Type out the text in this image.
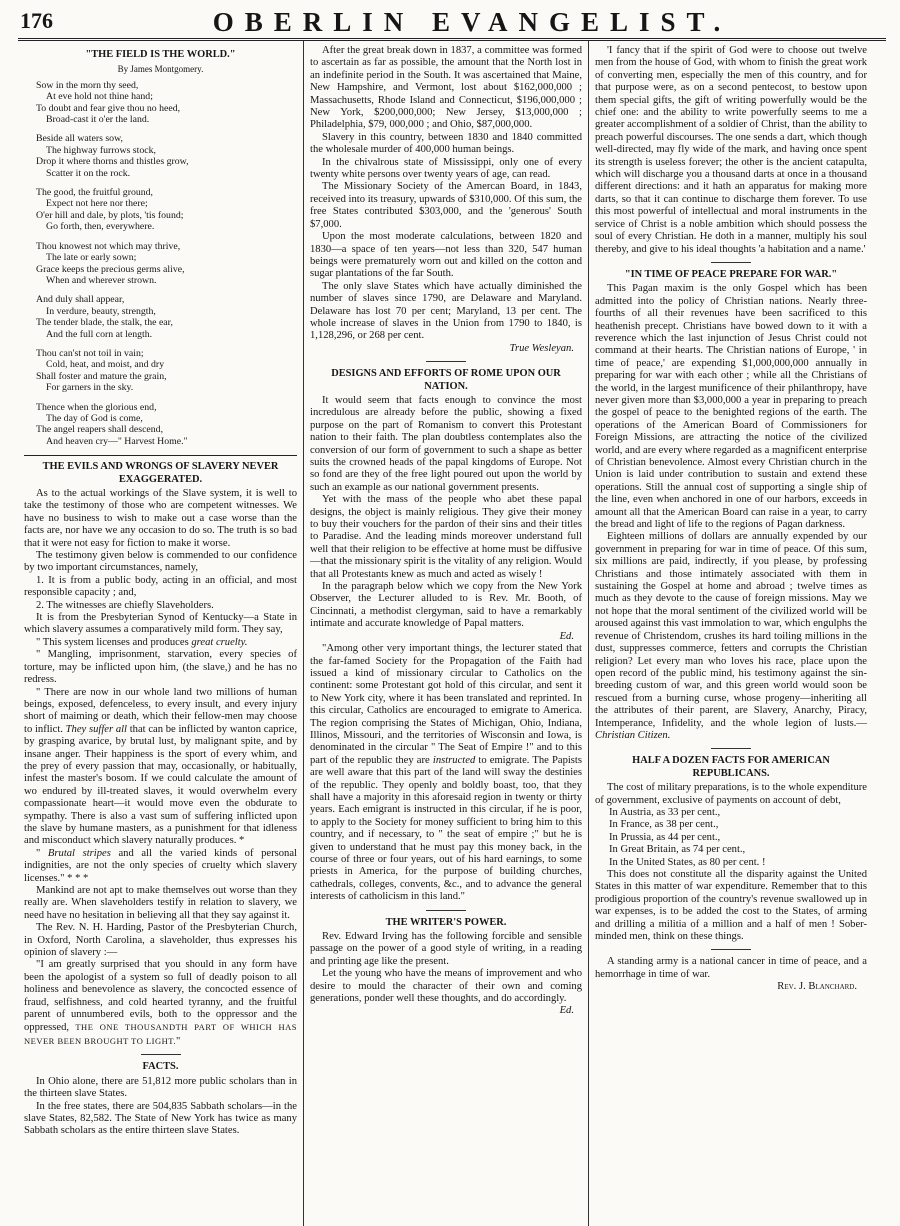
176	OBERLIN EVANGELIST.
"THE FIELD IS THE WORLD."
By James Montgomery.
Sow in the morn thy seed,
At eve hold not thine hand;
To doubt and fear give thou no heed,
Broad-cast it o'er the land.
Beside all waters sow,
The highway furrows stock,
Drop it where thorns and thistles grow,
Scatter it on the rock.
The good, the fruitful ground,
Expect not here nor there;
O'er hill and dale, by plots, 'tis found;
Go forth, then, everywhere.
Thou knowest not which may thrive,
The late or early sown;
Grace keeps the precious germs alive,
When and wherever strown.
And duly shall appear,
In verdure, beauty, strength,
The tender blade, the stalk, the ear,
And the full corn at length.
Thou can'st not toil in vain;
Cold, heat, and moist, and dry
Shall foster and mature the grain,
For garners in the sky.
Thence when the glorious end,
The day of God is come,
The angel reapers shall descend,
And heaven cry—" Harvest Home."
THE EVILS AND WRONGS OF SLAVERY NEVER EXAGGERATED.

As to the actual workings of the Slave system, it is well to take the testimony of those who are competent witnesses. We have no business to wish to make out a case worse than the facts are, nor have we any occasion to do so. The truth is so bad that it were not easy for fiction to make it worse.

The testimony given below is commended to our confidence by two important circumstances, namely,

1. It is from a public body, acting in an official, and most responsible capacity ; and,

2. The witnesses are chiefly Slaveholders.

It is from the Presbyterian Synod of Kentucky—a State in which slavery assumes a comparatively mild form. They say,

" This system licenses and produces great cruelty.

" Mangling, imprisonment, starvation, every species of torture, may be inflicted upon him, (the slave,) and he has no redress.

" There are now in our whole land two millions of human beings, exposed, defenceless, to every insult, and every injury short of maiming or death, which their fellow-men may choose to inflict. They suffer all that can be inflicted by wanton caprice, by grasping avarice, by brutal lust, by malignant spite, and by insane anger. Their happiness is the sport of every whim, and the prey of every passion that may, occasionally, or habitually, infest the master's bosom. If we could calculate the amount of wo endured by ill-treated slaves, it would overwhelm every compassionate heart—it would move even the obdurate to sympathy. There is also a vast sum of suffering inflicted upon the slave by humane masters, as a punishment for that idleness and misconduct which slavery naturally produces. *

" Brutal stripes and all the varied kinds of personal indignities, are not the only species of cruelty which slavery licenses." * * *

Mankind are not apt to make themselves out worse than they really are. When slaveholders testify in relation to slavery, we need have no hesitation in believing all that they say against it.

The Rev. N. H. Harding, Pastor of the Presbyterian Church, in Oxford, North Carolina, a slaveholder, thus expresses his opinion of slavery :—

"I am greatly surprised that you should in any form have been the apologist of a system so full of deadly poison to all holiness and benevolence as slavery, the concocted essence of fraud, selfishness, and cold hearted tyranny, and the fruitful parent of unnumbered evils, both to the oppressor and the oppressed, THE ONE THOUSANDTH PART OF WHICH HAS NEVER BEEN BROUGHT TO LIGHT."

FACTS.

In Ohio alone, there are 51,812 more public scholars than in the thirteen slave States.

In the free states, there are 504,835 Sabbath scholars—in the slave States, 82,582. The State of New York has twice as many Sabbath scholars as the entire thirteen slave States.

After the great break down in 1837, a committee was formed to ascertain as far as possible, the amount that the North lost in an indefinite period in the South. It was ascertained that Maine, New Hampshire, and Vermont, lost about $162,000,000 ; Massachusetts, Rhode Island and Connecticut, $196,000,000 ; New York, $200,000,000; New Jersey, $13,000,000 ; Philadelphia, $79, 000,000 ; and Ohio, $87,000,000.

Slavery in this country, between 1830 and 1840 committed the wholesale murder of 400,000 human beings.

In the chivalrous state of Mississippi, only one of every twenty white persons over twenty years of age, can read.

The Missionary Society of the Amercan Board, in 1843, received into its treasury, upwards of $310,000. Of this sum, the free States contributed $303,000, and the 'generous' South $7,000.

Upon the most moderate calculations, between 1820 and 1830—a space of ten years—not less than 320, 547 human beings were prematurely worn out and killed on the cotton and sugar plantations of the far South.

The only slave States which have actually diminished the number of slaves since 1790, are Delaware and Maryland. Delaware has lost 70 per cent; Maryland, 13 per cent. The whole increase of slaves in the Union from 1790 to 1840, is 1,128,296, or 268 per cent.

True Wesleyan.
DESIGNS AND EFFORTS OF ROME UPON OUR NATION.

It would seem that facts enough to convince the most incredulous are already before the public, showing a fixed purpose on the part of Romanism to convert this Protestant nation to their faith. The plan doubtless contemplates also the conversion of our form of government to such a shape as better suits the crowned heads of the papal kingdoms of Europe. Not so fond are they of the free light poured out upon the world by such an example as our national government presents.

Yet with the mass of the people who abet these papal designs, the object is mainly religious. They give their money to buy their vouchers for the pardon of their sins and their titles to Paradise. And the leading minds moreover understand full well that their religion to be effective at home must be diffusive—that the missionary spirit is the vitality of any religion. Would that all Protestants knew as much and acted as wisely !

In the paragraph below which we copy from the New York Observer, the Lecturer alluded to is Rev. Mr. Booth, of Cincinnati, a methodist clergyman, said to have a remarkably intimate and accurate knowledge of Papal matters.

Ed.

"Among other very important things, the lecturer stated that the far-famed Society for the Propagation of the Faith had issued a kind of missionary circular to Catholics on the continent: some Protestant got hold of this circular, and sent it to New York city, where it has been translated and reprinted. In this circular, Catholics are encouraged to emigrate to America. The region comprising the States of Michigan, Ohio, Indiana, Illinos, Missouri, and the territories of Wisconsin and Iowa, is denominated in the circular " The Seat of Empire !" and to this part of the republic they are instructed to emigrate. The Papists are well aware that this part of the land will sway the destinies of the republic. They openly and boldly boast, too, that they shall have a majority in this aforesaid region in twenty or thirty years. Each emigrant is instructed in this circular, if he is poor, to apply to the Society for money sufficient to bring him to this country, and if necessary, to " the seat of empire ;" but he is given to understand that he must pay this money back, in the course of three or four years, out of his hard earnings, to some priests in America, for the purpose of building churches, cathedrals, colleges, convents, &c., and to advance the general interests of catholicism in this land."

THE WRITER'S POWER.

Rev. Edward Irving has the following forcible and sensible passage on the power of a good style of writing, in a reading and printing age like the present.

Let the young who have the means of improvement and who desire to mould the character of their own and coming generations, ponder well these thoughts, and do accordingly.

Ed.

'I fancy that if the spirit of God were to choose out twelve men from the house of God, with whom to finish the great work of converting men, especially the men of this country, and for that purpose were, as on a second pentecost, to bestow upon them special gifts, the gift of writing powerfully would be the chief one: and the ability to write powerfully seems to me a greater accomplishment of a soldier of Christ, than the ability to preach powerful discourses. The one sends a dart, which though well-directed, may fly wide of the mark, and having once spent its strength is useless forever; the other is the ancient catapulta, which will discharge you a thousand darts at once in a thousand different directions: and it hath an apparatus for making more darts, so that it can continue to discharge them forever. To use this most powerful of intellectual and moral instruments in the service of Christ is a noble ambition which should possess the soul of every Christian. He doth in a manner, multiply his soul thereby, and give to his ideal thoughts 'a habitation and a name.'

"IN TIME OF PEACE PREPARE FOR WAR."

This Pagan maxim is the only Gospel which has been admitted into the policy of Christian nations. Nearly three-fourths of all their revenues have been sacrificed to this heathenish precept. Christians have bowed down to it with a reverence which the last injunction of Jesus Christ could not command at their hearts. The Christian nations of Europe, ' in time of peace,' are expending $1,000,000,000 annually in preparing for war with each other ; while all the Christians of the world, in the largest munificence of their philanthropy, have never given more than $3,000,000 a year in preparing to preach the gospel of peace to the benighted regions of the earth. The operations of the American Board of Commissioners for Foreign Missions, are attracting the notice of the civilized world, and are every where regarded as a magnificent enterprise of Christian benevolence. Almost every Christian church in the Union is laid under contribution to sustain and extend these operations. Still the annual cost of supporting a single ship of the line, even when anchored in one of our harbors, exceeds in amount all that the American Board can raise in a year, to carry the bread and light of life to the regions of Pagan darkness.

Eighteen millions of dollars are annually expended by our government in preparing for war in time of peace. Of this sum, six millions are paid, indirectly, if you please, by professing Christians and those intimately associated with them in sustaining the Gospel at home and abroad ; twelve times as much as they devote to the cause of foreign missions. May we not hope that the moral sentiment of the civilized world will be aroused against this vast immolation to war, which engulphs the revenue of Christendom, crushes its hard toiling millions in the dust, suppresses commerce, fetters and corrupts the Christian religion? Let every man who loves his race, place upon the open record of the public mind, his testimony against the sin-breeding custom of war, and this green world would soon be rescued from a burning curse, whose progeny—inheriting all the attributes of their parent, are Slavery, Anarchy, Piracy, Intemperance, Infidelity, and the whole legion of lusts.—Christian Citizen.

HALF A DOZEN FACTS FOR AMERICAN REPUBLICANS.

The cost of military preparations, is to the whole expenditure of government, exclusive of payments on account of debt,

In Austria, as 33 per cent.,
In France, as 38 per cent.,
In Prussia, as 44 per cent.,
In Great Britain, as 74 per cent.,
In the United States, as 80 per cent. !

This does not constitute all the disparity against the United States in this matter of war expenditure. Remember that to this prodigious proportion of the country's revenue swallowed up in war expenses, is to be added the cost to the States, of arming and drilling a militia of a million and a half of men ! Sober-minded men, think on these things.

A standing army is a national cancer in time of peace, and a hemorrhage in time of war.

Rev. J. Blanchard.
